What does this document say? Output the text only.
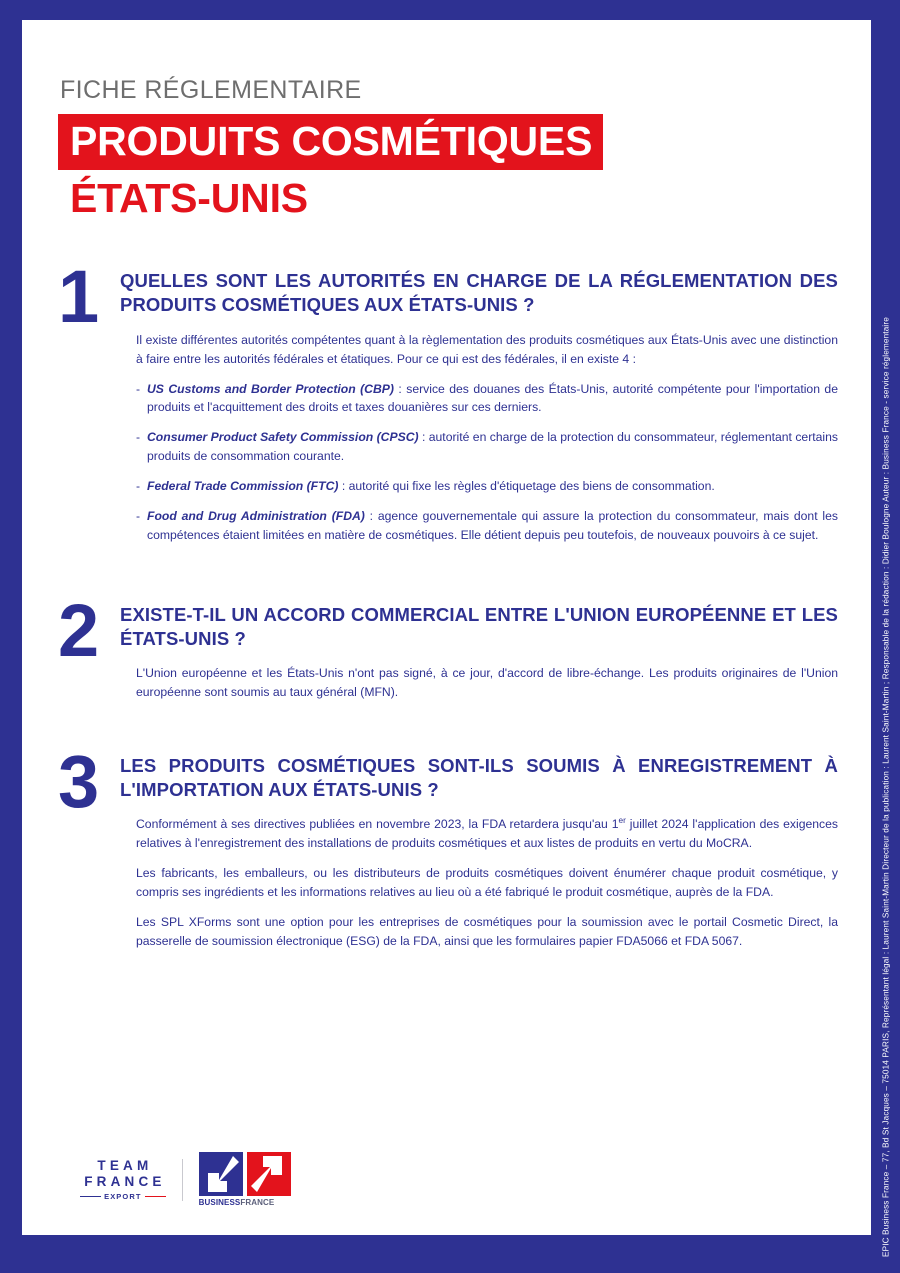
FICHE RÉGLEMENTAIRE
PRODUITS COSMÉTIQUES
ÉTATS-UNIS
1	QUELLES SONT LES AUTORITÉS EN CHARGE DE LA RÉGLEMENTATION DES PRODUITS COSMÉTIQUES AUX ÉTATS-UNIS ?

Il existe différentes autorités compétentes quant à la règlementation des produits cosmétiques aux États-Unis avec une distinction à faire entre les autorités fédérales et étatiques. Pour ce qui est des fédérales, il en existe 4 :

- US Customs and Border Protection (CBP) : service des douanes des États-Unis, autorité compétente pour l'importation de produits et l'acquittement des droits et taxes douanières sur ces derniers.
- Consumer Product Safety Commission (CPSC) : autorité en charge de la protection du consommateur, réglementant certains produits de consommation courante.
- Federal Trade Commission (FTC) : autorité qui fixe les règles d'étiquetage des biens de consommation.
- Food and Drug Administration (FDA) : agence gouvernementale qui assure la protection du consommateur, mais dont les compétences étaient limitées en matière de cosmétiques. Elle détient depuis peu toutefois, de nouveaux pouvoirs à ce sujet.
2	EXISTE-T-IL UN ACCORD COMMERCIAL ENTRE L'UNION EUROPÉENNE ET LES ÉTATS-UNIS ?

L'Union européenne et les États-Unis n'ont pas signé, à ce jour, d'accord de libre-échange. Les produits originaires de l'Union européenne sont soumis au taux général (MFN).

3	LES PRODUITS COSMÉTIQUES SONT-ILS SOUMIS À ENREGISTREMENT À L'IMPORTATION AUX ÉTATS-UNIS ?

Conformément à ses directives publiées en novembre 2023, la FDA retardera jusqu'au 1er juillet 2024 l'application des exigences relatives à l'enregistrement des installations de produits cosmétiques et aux listes de produits en vertu du MoCRA.

Les fabricants, les emballeurs, ou les distributeurs de produits cosmétiques doivent énumérer chaque produit cosmétique, y compris ses ingrédients et les informations relatives au lieu où a été fabriqué le produit cosmétique, auprès de la FDA.

Les SPL XForms sont une option pour les entreprises de cosmétiques pour la soumission avec le portail Cosmetic Direct, la passerelle de soumission électronique (ESG) de la FDA, ainsi que les formulaires papier FDA5066 et FDA 5067.

TEAM
FRANCE
EXPORT
BUSINESSFRANCE	EPIC Business France – 77, Bd St Jacques – 75014 PARIS, Représentant légal : Laurent Saint-Martin Directeur de la publication : Laurent Saint-Martin ; Responsable de la rédaction : Didier Boulogne Auteur : Business France - service réglementaire
